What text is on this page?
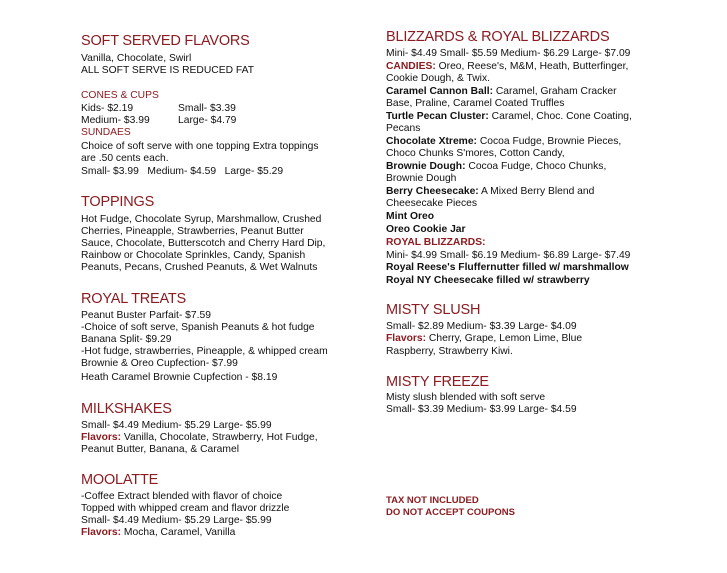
SOFT SERVED FLAVORS
Vanilla, Chocolate, Swirl
ALL SOFT SERVE IS REDUCED FAT
CONES & CUPS
Kids- $2.19	Small- $3.39
Medium- $3.99	Large- $4.79
SUNDAES
Choice of soft serve with one topping Extra toppings
are .50 cents each.
Small- $3.99   Medium- $4.59   Large- $5.29
TOPPINGS
Hot Fudge, Chocolate Syrup, Marshmallow, Crushed
Cherries, Pineapple, Strawberries, Peanut Butter
Sauce, Chocolate, Butterscotch and Cherry Hard Dip,
Rainbow or Chocolate Sprinkles, Candy, Spanish
Peanuts, Pecans, Crushed Peanuts, & Wet Walnuts
ROYAL TREATS
Peanut Buster Parfait- $7.59
-Choice of soft serve, Spanish Peanuts & hot fudge
Banana Split- $9.29
-Hot fudge, strawberries, Pineapple, & whipped cream
Brownie & Oreo Cupfection- $7.99
Heath Caramel Brownie Cupfection - $8.19
MILKSHAKES
Small- $4.49 Medium- $5.29 Large- $5.99
Flavors: Vanilla, Chocolate, Strawberry, Hot Fudge,
Peanut Butter, Banana, & Caramel
MOOLATTE
-Coffee Extract blended with flavor of choice
Topped with whipped cream and flavor drizzle
Small- $4.49 Medium- $5.29 Large- $5.99
Flavors: Mocha, Caramel, Vanilla
BLIZZARDS & ROYAL BLIZZARDS
Mini- $4.49 Small- $5.59 Medium- $6.29 Large- $7.09
CANDIES: Oreo, Reese's, M&M, Heath, Butterfinger,
Cookie Dough, & Twix.
Caramel Cannon Ball: Caramel, Graham Cracker
Base, Praline, Caramel Coated Truffles
Turtle Pecan Cluster: Caramel, Choc. Cone Coating,
Pecans
Chocolate Xtreme: Cocoa Fudge, Brownie Pieces,
Choco Chunks S'mores, Cotton Candy,
Brownie Dough: Cocoa Fudge, Choco Chunks,
Brownie Dough
Berry Cheesecake: A Mixed Berry Blend and
Cheesecake Pieces
Mint Oreo
Oreo Cookie Jar
ROYAL BLIZZARDS:
Mini- $4.99 Small- $6.19 Medium- $6.89 Large- $7.49
Royal Reese's Fluffernutter filled w/ marshmallow
Royal NY Cheesecake filled w/ strawberry
MISTY SLUSH
Small- $2.89 Medium- $3.39 Large- $4.09
Flavors: Cherry, Grape, Lemon Lime, Blue
Raspberry, Strawberry Kiwi.
MISTY FREEZE
Misty slush blended with soft serve
Small- $3.39 Medium- $3.99 Large- $4.59
TAX NOT INCLUDED
DO NOT ACCEPT COUPONS
